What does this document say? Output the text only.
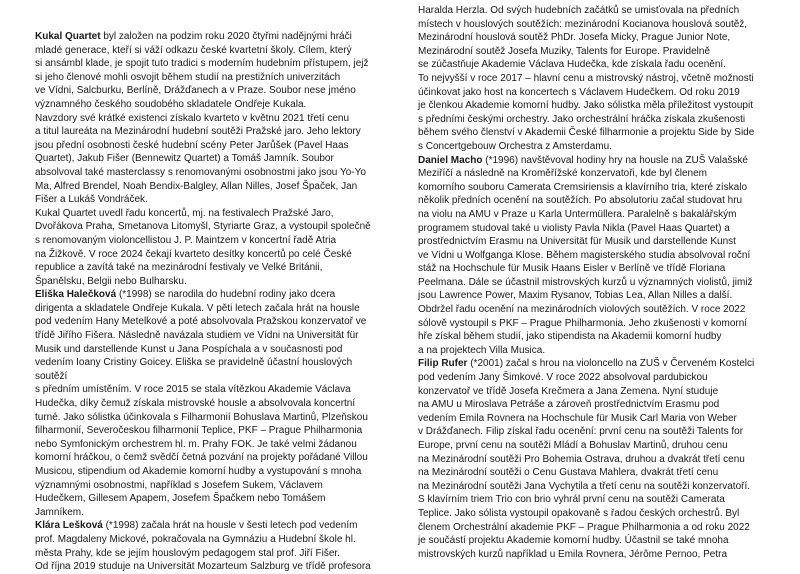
Kukal Quartet byl založen na podzim roku 2020 čtyřmi nadějnými hráči
mladé generace, kteří si váží odkazu české kvartetní školy. Cílem, který
si ansámbl klade, je spojit tuto tradici s moderním hudebním přístupem, jejž
si jeho členové mohli osvojit během studií na prestižních univerzitách
ve Vídni, Salcburku, Berlíně, Drážďanech a v Praze. Soubor nese jméno
významného českého soudobého skladatele Ondřeje Kukala.
Navzdory své krátké existenci získalo kvarteto v květnu 2021 třetí cenu
a titul laureáta na Mezinárodní hudební soutěži Pražské jaro. Jeho lektory
jsou přední osobnosti české hudební scény Peter Jarůšek (Pavel Haas
Quartet), Jakub Fišer (Bennewitz Quartet) a Tomáš Jamník. Soubor
absolvoval také masterclassy s renomovanými osobnostmi jako jsou Yo-Yo
Ma, Alfred Brendel, Noah Bendix-Balgley, Allan Nilles, Josef Špaček, Jan
Fišer a Lukáš Vondráček.
Kukal Quartet uvedl řadu koncertů, mj. na festivalech Pražské Jaro,
Dvořákova Praha, Smetanova Litomyšl, Styriarte Graz, a vystoupil společně
s renomovaným violoncellistou J. P. Maintzem v koncertní řadě Atria
na Žižkově. V roce 2024 čekají kvarteto desítky koncertů po celé České
republice a zavítá také na mezinárodní festivaly ve Velké Británii,
Španělsku, Belgii nebo Bulharsku.
Eliška Halečková (*1998) se narodila do hudební rodiny jako dcera
dirigenta a skladatele Ondřeje Kukala. V pěti letech začala hrát na housle
pod vedením Hany Metelkové a poté absolvovala Pražskou konzervatoř ve
třídě Jiřího Fišera. Následně navázala studiem ve Vídni na Universität für
Musik und darstellende Kunst u Jana Pospíchala a v současnosti pod
vedením Ioany Cristiny Goicey. Eliška se pravidelně účastní houslových
soutěží
s předním umístěním. V roce 2015 se stala vítězkou Akademie Václava
Hudečka, díky čemuž získala mistrovské housle a absolvovala koncertní
turné. Jako sólistka účinkovala s Filharmonií Bohuslava Martinů, Plzeňskou
filharmonií, Severočeskou filharmonií Teplice, PKF – Prague Philharmonia
nebo Symfonickým orchestrem hl. m. Prahy FOK. Je také velmi žádanou
komorní hráčkou, o čemž svědčí četná pozvání na projekty pořádané Villou
Musicou, stipendium od Akademie komorní hudby a vystupování s mnoha
významnými osobnostmi, například s Josefem Sukem, Václavem
Hudečkem, Gillesem Apapem, Josefem Špačkem nebo Tomášem
Jamníkem.
Klára Lešková (*1998) začala hrát na housle v šesti letech pod vedením
prof. Magdaleny Mickové, pokračovala na Gymnáziu a Hudební škole hl.
města Prahy, kde se jejím houslovým pedagogem stal prof. Jiří Fišer.
Od října 2019 studuje na Universität Mozarteum Salzburg ve třídě profesora
Haralda Herzla. Od svých hudebních začátků se umisťovala na předních
místech v houslových soutěžích: mezinárodní Kocianova houslová soutěž,
Mezinárodní houslová soutěž PhDr. Josefa Micky, Prague Junior Note,
Mezinárodní soutěž Josefa Muziky, Talents for Europe. Pravidelně
se zúčastňuje Akademie Václava Hudečka, kde získala řadu ocenění.
To nejvyšší v roce 2017 – hlavní cenu a mistrovský nástroj, včetně možnosti
účinkovat jako host na koncertech s Václavem Hudečkem. Od roku 2019
je členkou Akademie komorní hudby. Jako sólistka měla příležitost vystoupit
s předními českými orchestry. Jako orchestrální hráčka získala zkušenosti
během svého členství v Akademii České filharmonie a projektu Side by Side
s Concertgebouw Orchestra z Amsterdamu.
Daniel Macho (*1996) navštěvoval hodiny hry na housle na ZUŠ Valašské
Meziříčí a následně na Kroměřížské konzervatoři, kde byl členem
komorního souboru Camerata Cremsiriensis a klavírního tria, které získalo
několik předních ocenění na soutěžích. Po absolutoriu začal studovat hru
na violu na AMU v Praze u Karla Untermüllera. Paralelně s bakalářským
programem studoval také u violisty Pavla Nikla (Pavel Haas Quartet) a
prostřednictvím Erasmu na Universität für Musik und darstellende Kunst
ve Vídni u Wolfganga Klose. Během magisterského studia absolvoval roční
stáž na Hochschule für Musik Haans Eisler v Berlíně ve třídě Floriana
Peelmana. Dále se účastnil mistrovských kurzů u významných violistů, jimiž
jsou Lawrence Power, Maxim Rysanov, Tobias Lea, Allan Nilles a další.
Obdržel řadu ocenění na mezinárodních violových soutěžích. V roce 2022
sólově vystoupil s PKF – Prague Philharmonia. Jeho zkušenosti v komorní
hře získal během studií, jako stipendista na Akademii komorní hudby
a na projektech Villa Musica.
Filip Rufer (*2001) začal s hrou na violoncello na ZUŠ v Červeném Kostelci
pod vedením Jany Šimkové. V roce 2022 absolvoval pardubickou
konzervatoř ve třídě Josefa Krečmera a Jana Zemena. Nyní studuje
na AMU u Miroslava Petráše a zároveň prostřednictvím Erasmu pod
vedením Emila Rovnera na Hochschule für Musik Carl Maria von Weber
v Drážďanech. Filip získal řadu ocenění: první cenu na soutěži Talents for
Europe, první cenu na soutěži Mládí a Bohuslav Martinů, druhou cenu
na Mezinárodní soutěži Pro Bohemia Ostrava, druhou a dvakrát třetí cenu
na Mezinárodní soutěži o Cenu Gustava Mahlera, dvakrát třetí cenu
na Mezinárodní soutěži Jana Vychytila a třetí cenu na soutěži konzervatoří.
S klavírním triem Trio con brio vyhrál první cenu na soutěži Camerata
Teplice. Jako sólista vystoupil opakovaně s řadou českých orchestrů. Byl
členem Orchestrální akademie PKF – Prague Philharmonia a od roku 2022
je součástí projektu Akademie komorní hudby. Účastnil se také mnoha
mistrovských kurzů například u Emila Rovnera, Jérôme Pernoo, Petra
